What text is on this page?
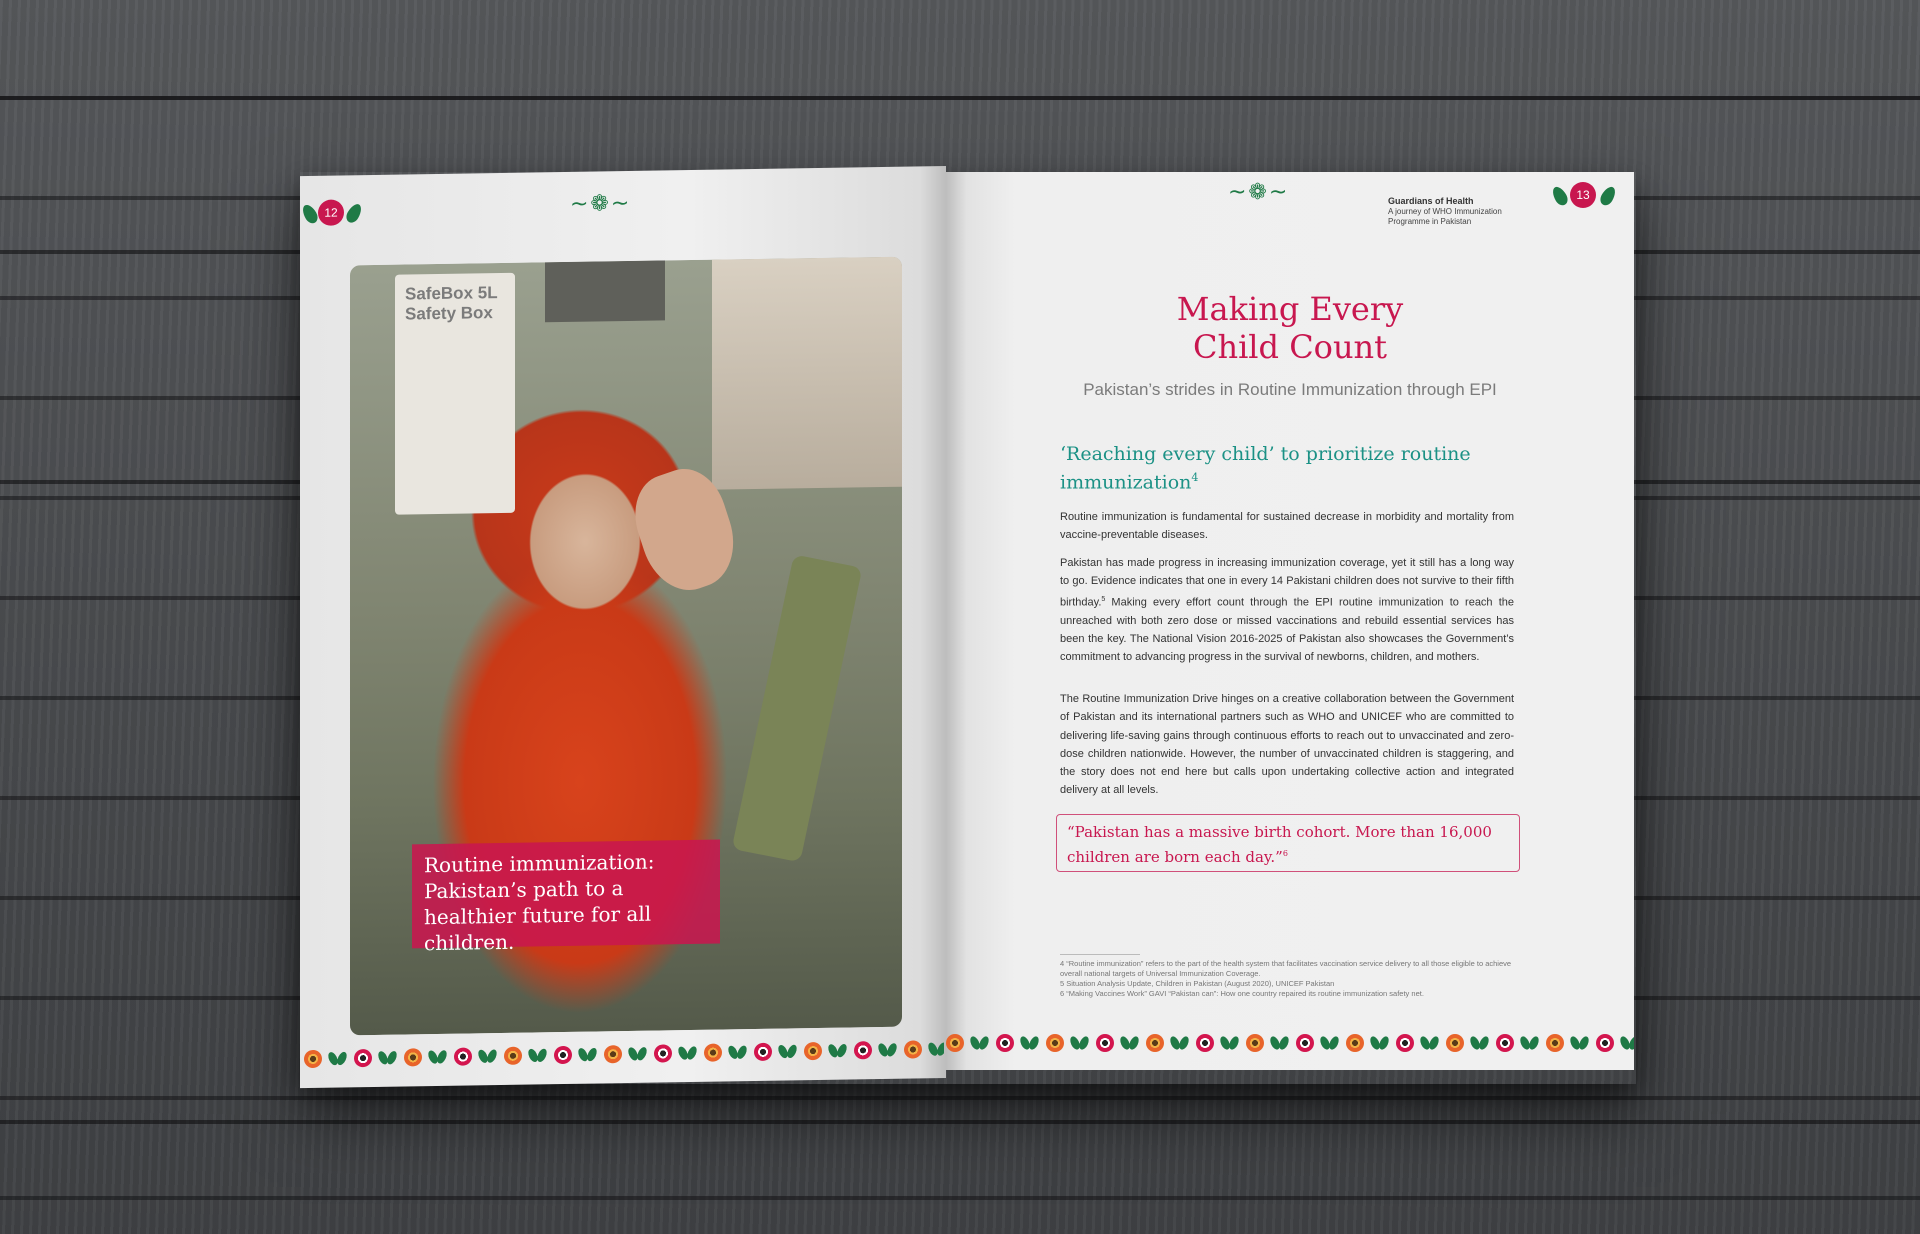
12	~❁~
SafeBox 5L
Safety Box
Routine immunization: Pakistan’s path to a healthier future for all children.
~❁~	Guardians of Health
A journey of WHO Immunization Programme in Pakistan
13
Making Every
Child Count
Pakistan’s strides in Routine Immunization through EPI
‘Reaching every child’ to prioritize routine immunization$^4$

Routine immunization is fundamental for sustained decrease in morbidity and mortality from vaccine-preventable diseases.

Pakistan has made progress in increasing immunization coverage, yet it still has a long way to go. Evidence indicates that one in every 14 Pakistani children does not survive to their fifth birthday.$^5$ Making every effort count through the EPI routine immunization to reach the unreached with both zero dose or missed vaccinations and rebuild essential services has been the key. The National Vision 2016-2025 of Pakistan also showcases the Government’s commitment to advancing progress in the survival of newborns, children, and mothers.

The Routine Immunization Drive hinges on a creative collaboration between the Government of Pakistan and its international partners such as WHO and UNICEF who are committed to delivering life-saving gains through continuous efforts to reach out to unvaccinated and zero-dose children nationwide. However, the number of unvaccinated children is staggering, and the story does not end here but calls upon undertaking collective action and integrated delivery at all levels.

“Pakistan has a massive birth cohort. More than 16,000 children are born each day.”$^6$
4 “Routine immunization” refers to the part of the health system that facilitates vaccination service delivery to all those eligible to achieve overall national targets of Universal Immunization Coverage.
5 Situation Analysis Update, Children in Pakistan (August 2020), UNICEF Pakistan
6 “Making Vaccines Work” GAVI “Pakistan can”: How one country repaired its routine immunization safety net.
